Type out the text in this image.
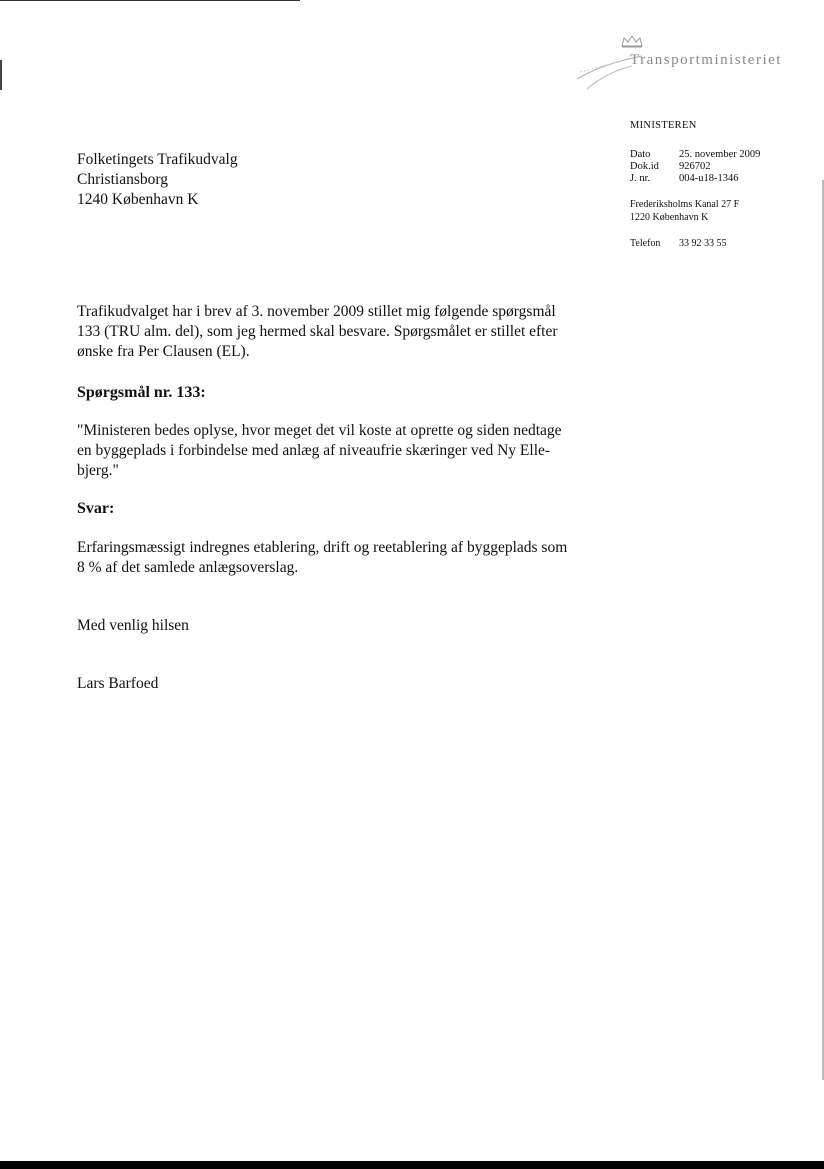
Transportministeriet
MINISTEREN
Dato	25. november 2009
Dok.id	926702
J. nr.	004-u18-1346
Frederiksholms Kanal 27 F
1220 København K
Telefon	33 92 33 55
Folketingets Trafikudvalg
Christiansborg
1240 København K
Trafikudvalget har i brev af 3. november 2009 stillet mig følgende spørgsmål
133 (TRU alm. del), som jeg hermed skal besvare. Spørgsmålet er stillet efter
ønske fra Per Clausen (EL).
Spørgsmål nr. 133:
"Ministeren bedes oplyse, hvor meget det vil koste at oprette og siden nedtage
en byggeplads i forbindelse med anlæg af niveaufrie skæringer ved Ny Elle-
bjerg."
Svar:
Erfaringsmæssigt indregnes etablering, drift og reetablering af byggeplads som
8 % af det samlede anlægsoverslag.
Med venlig hilsen
Lars Barfoed
